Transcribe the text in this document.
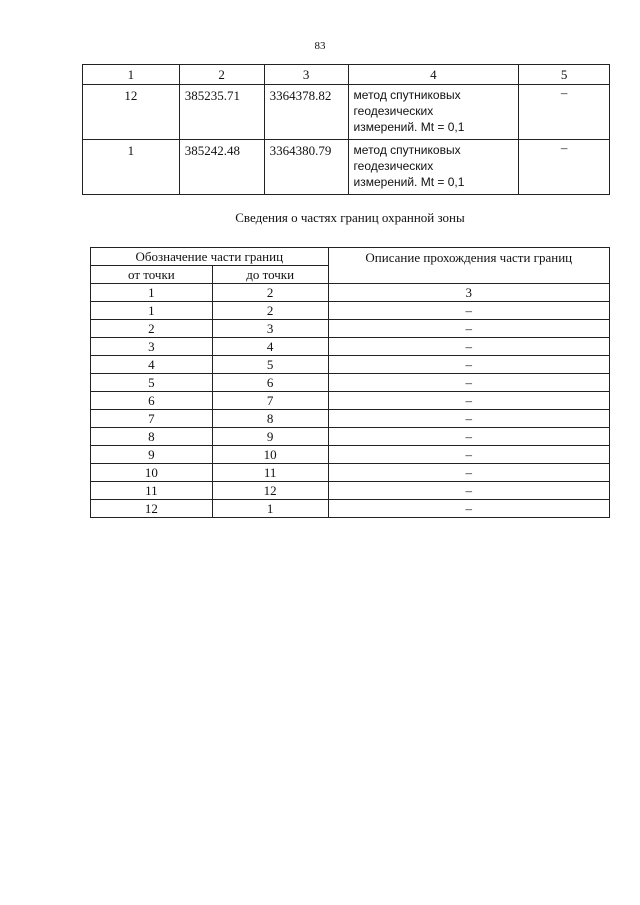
83
1	2	3	4	5
12	385235.71	3364378.82	метод спутниковых
геодезических
измерений. Mt = 0,1	–
1	385242.48	3364380.79	метод спутниковых
геодезических
измерений. Mt = 0,1	–
Сведения о частях границ охранной зоны
Обозначение части границ		Описание прохождения части границ
от точки	до точки	
1	2	3
1	2	–
2	3	–
3	4	–
4	5	–
5	6	–
6	7	–
7	8	–
8	9	–
9	10	–
10	11	–
11	12	–
12	1	–
